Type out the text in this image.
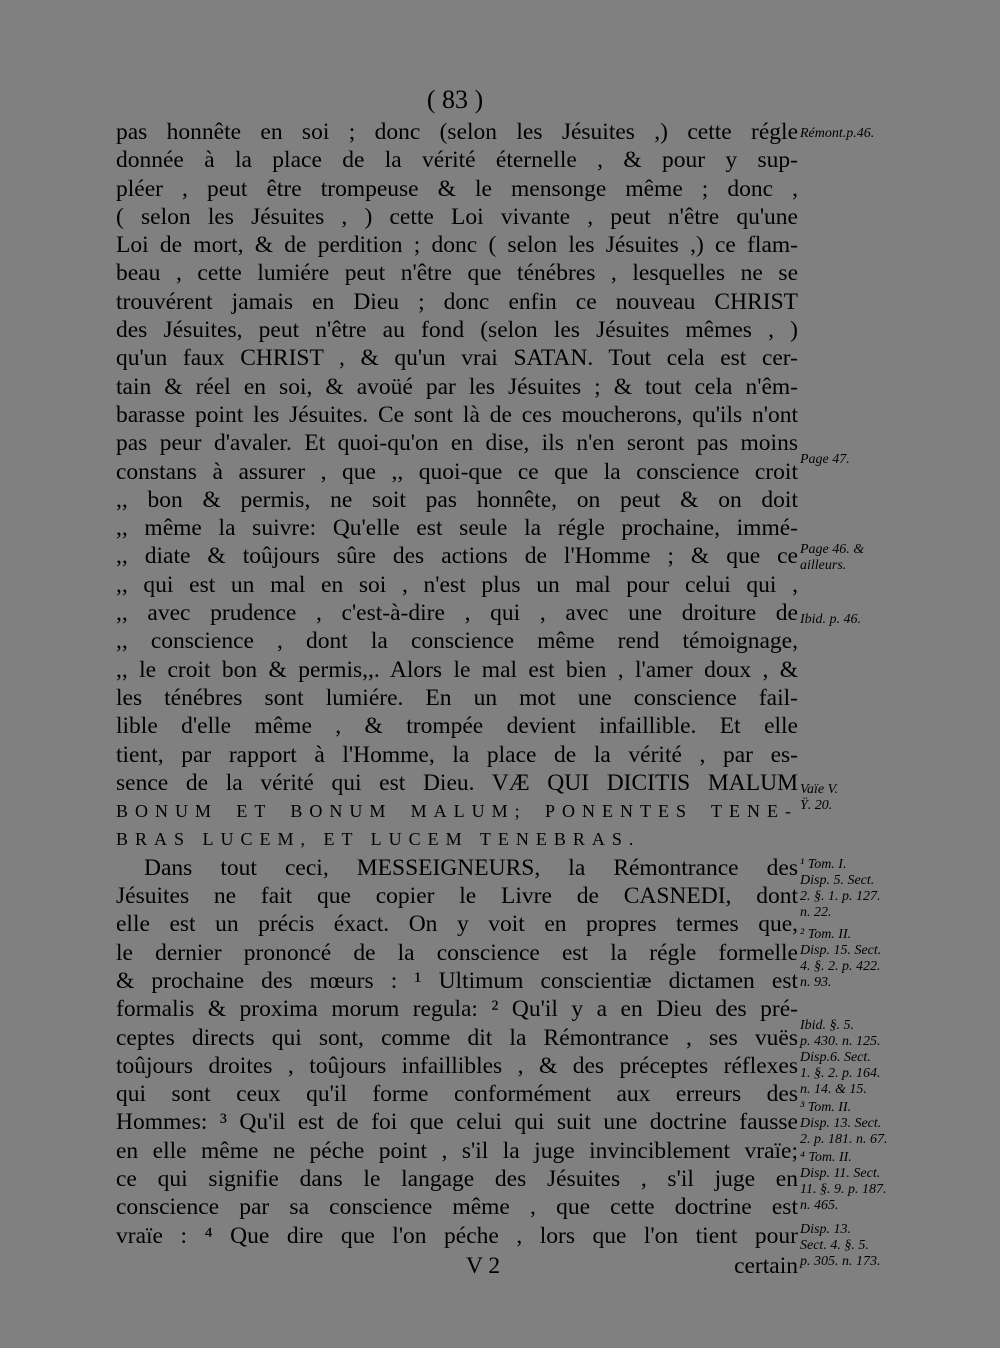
( 83 )
pas honnête en soi ; donc (selon les Jésuites ,) cette régle
donnée à la place de la vérité éternelle , & pour y sup-
pléer , peut être trompeuse & le mensonge même ; donc ,
( selon les Jésuites , ) cette Loi vivante , peut n'être qu'une
Loi de mort, & de perdition ; donc ( selon les Jésuites ,) ce flam-
beau , cette lumiére peut n'être que ténébres , lesquelles ne se
trouvérent jamais en Dieu ; donc enfin ce nouveau CHRIST
des Jésuites, peut n'être au fond (selon les Jésuites mêmes , )
qu'un faux CHRIST , & qu'un vrai SATAN. Tout cela est cer-
tain & réel en soi, & avoüé par les Jésuites ; & tout cela n'êm-
barasse point les Jésuites. Ce sont là de ces moucherons, qu'ils n'ont
pas peur d'avaler. Et quoi-qu'on en dise, ils n'en seront pas moins
constans à assurer , que ,, quoi-que ce que la conscience croit
,, bon & permis, ne soit pas honnête, on peut & on doit
,, même la suivre: Qu'elle est seule la régle prochaine, immé-
,, diate & toûjours sûre des actions de l'Homme ; & que ce
,, qui est un mal en soi , n'est plus un mal pour celui qui ,
,, avec prudence , c'est-à-dire , qui , avec une droiture de
,, conscience , dont la conscience même rend témoignage,
,, le croit bon & permis,,. Alors le mal est bien , l'amer doux , &
les ténébres sont lumiére. En un mot une conscience fail-
lible d'elle même , & trompée devient infaillible. Et elle
tient, par rapport à l'Homme, la place de la vérité , par es-
sence de la vérité qui est Dieu. VÆ QUI DICITIS MALUM
BONUM ET BONUM MALUM; PONENTES TENE-
BRAS LUCEM, ET LUCEM TENEBRAS.
Dans tout ceci, MESSEIGNEURS, la Rémontrance des
Jésuites ne fait que copier le Livre de CASNEDI, dont
elle est un précis éxact. On y voit en propres termes que,
le dernier prononcé de la conscience est la régle formelle
& prochaine des mœurs : ¹ Ultimum conscientiæ dictamen est
formalis & proxima morum regula: ² Qu'il y a en Dieu des pré-
ceptes directs qui sont, comme dit la Rémontrance , ses vuës
toûjours droites , toûjours infaillibles , & des préceptes réflexes
qui sont ceux qu'il forme conformément aux erreurs des
Hommes: ³ Qu'il est de foi que celui qui suit une doctrine fausse
en elle même ne péche point , s'il la juge invinciblement vraïe;
ce qui signifie dans le langage des Jésuites , s'il juge en
conscience par sa conscience même , que cette doctrine est
vraïe : ⁴ Que dire que l'on péche , lors que l'on tient pour
Rémont.p.46.
Page 47.
Page 46. &
ailleurs.
Ibid. p. 46.
Vaïe V.
Ÿ. 20.
¹ Tom. I.
Disp. 5. Sect.
2. §. 1. p. 127.
n. 22.
² Tom. II.
Disp. 15. Sect.
4. §. 2. p. 422.
n. 93.
Ibid. §. 5.
p. 430. n. 125.
Disp.6. Sect.
1. §. 2. p. 164.
n. 14. & 15.
³ Tom. II.
Disp. 13. Sect.
2. p. 181. n. 67.
⁴ Tom. II.
Disp. 11. Sect.
11. §. 9. p. 187.
n. 465.
Disp. 13.
Sect. 4. §. 5.
p. 305. n. 173.
V 2	certain
